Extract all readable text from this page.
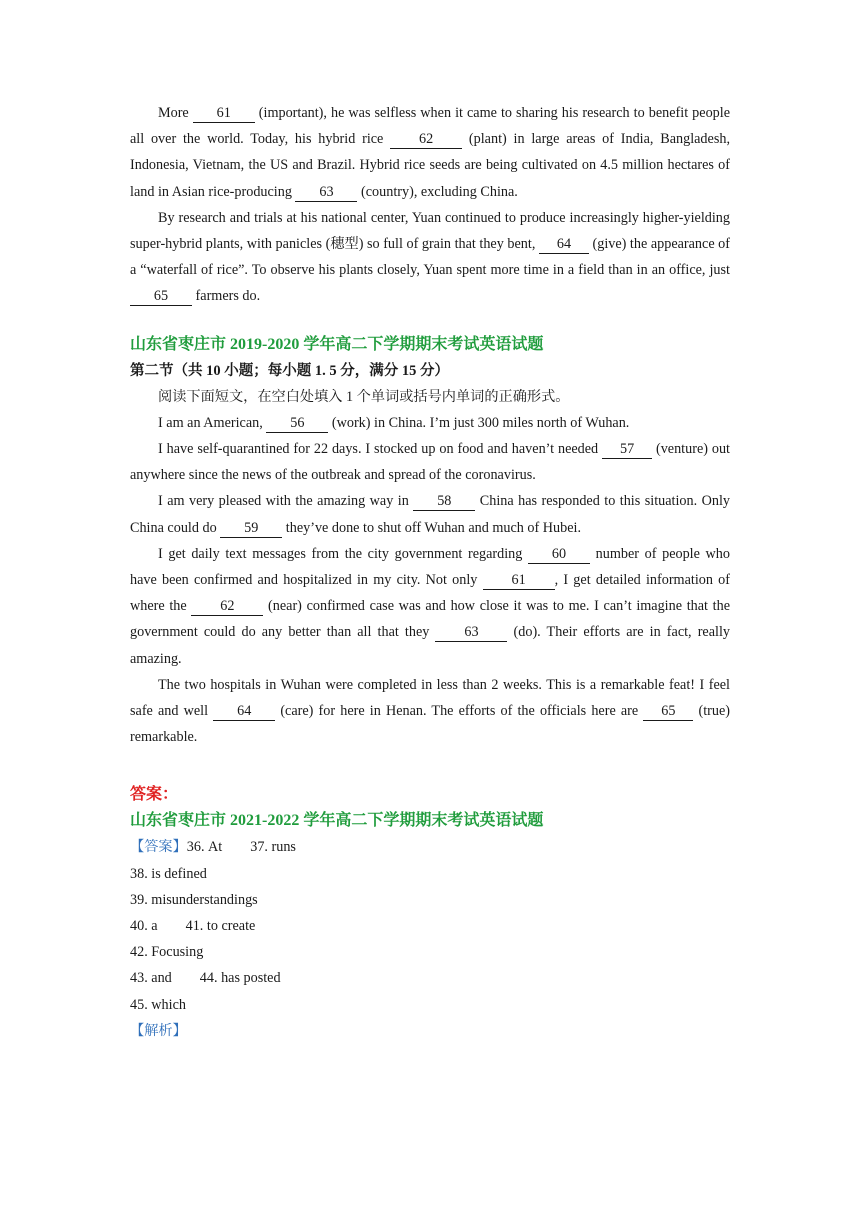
More 61 (important), he was selfless when it came to sharing his research to benefit people all over the world. Today, his hybrid rice 62 (plant) in large areas of India, Bangladesh, Indonesia, Vietnam, the US and Brazil. Hybrid rice seeds are being cultivated on 4.5 million hectares of land in Asian rice-producing 63 (country), excluding China.

By research and trials at his national center, Yuan continued to produce increasingly higher-yielding super-hybrid plants, with panicles (穗型) so full of grain that they bent, 64 (give) the appearance of a “waterfall of rice”. To observe his plants closely, Yuan spent more time in a field than in an office, just 65 farmers do.

山东省枣庄市 2019-2020 学年高二下学期期末考试英语试题

第二节（共 10 小题；每小题 1. 5 分，满分 15 分）

阅读下面短文，在空白处填入 1 个单词或括号内单词的正确形式。

I am an American, 56 (work) in China. I’m just 300 miles north of Wuhan.

I have self-quarantined for 22 days. I stocked up on food and haven’t needed 57 (venture) out anywhere since the news of the outbreak and spread of the coronavirus.

I am very pleased with the amazing way in 58 China has responded to this situation. Only China could do 59 they’ve done to shut off Wuhan and much of Hubei.

I get daily text messages from the city government regarding 60 number of people who have been confirmed and hospitalized in my city. Not only 61 , I get detailed information of where the 62 (near) confirmed case was and how close it was to me. I can’t imagine that the government could do any better than all that they 63 (do). Their efforts are in fact, really amazing.

The two hospitals in Wuhan were completed in less than 2 weeks. This is a remarkable feat! I feel safe and well 64 (care) for here in Henan. The efforts of the officials here are 65 (true) remarkable.

答案：

山东省枣庄市 2021-2022 学年高二下学期期末考试英语试题

【答案】36. At 37. runs

38. is defined

39. misunderstandings

40. a 41. to create

42. Focusing

43. and 44. has posted

45. which

【解析】
